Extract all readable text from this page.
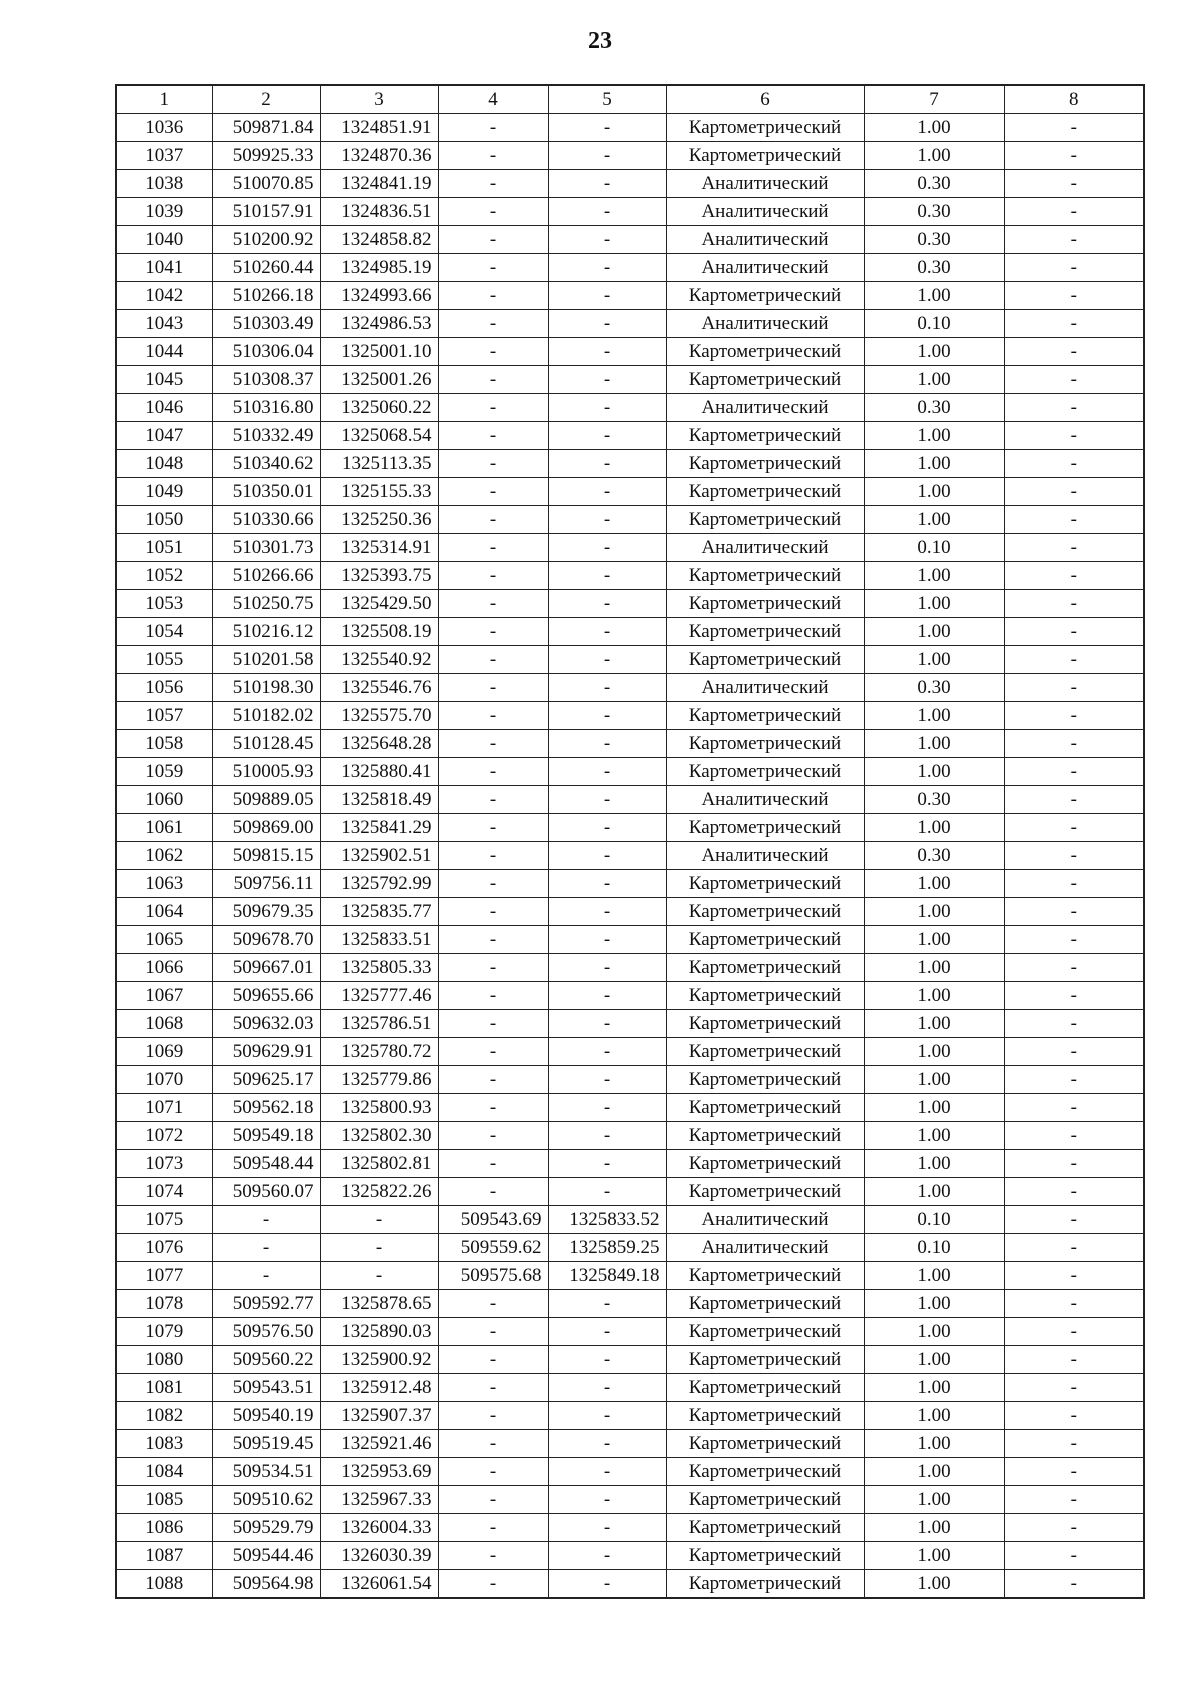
23
1	2	3	4	5	6	7	8
1036	509871.84	1324851.91	-	-	Картометрический	1.00	-
1037	509925.33	1324870.36	-	-	Картометрический	1.00	-
1038	510070.85	1324841.19	-	-	Аналитический	0.30	-
1039	510157.91	1324836.51	-	-	Аналитический	0.30	-
1040	510200.92	1324858.82	-	-	Аналитический	0.30	-
1041	510260.44	1324985.19	-	-	Аналитический	0.30	-
1042	510266.18	1324993.66	-	-	Картометрический	1.00	-
1043	510303.49	1324986.53	-	-	Аналитический	0.10	-
1044	510306.04	1325001.10	-	-	Картометрический	1.00	-
1045	510308.37	1325001.26	-	-	Картометрический	1.00	-
1046	510316.80	1325060.22	-	-	Аналитический	0.30	-
1047	510332.49	1325068.54	-	-	Картометрический	1.00	-
1048	510340.62	1325113.35	-	-	Картометрический	1.00	-
1049	510350.01	1325155.33	-	-	Картометрический	1.00	-
1050	510330.66	1325250.36	-	-	Картометрический	1.00	-
1051	510301.73	1325314.91	-	-	Аналитический	0.10	-
1052	510266.66	1325393.75	-	-	Картометрический	1.00	-
1053	510250.75	1325429.50	-	-	Картометрический	1.00	-
1054	510216.12	1325508.19	-	-	Картометрический	1.00	-
1055	510201.58	1325540.92	-	-	Картометрический	1.00	-
1056	510198.30	1325546.76	-	-	Аналитический	0.30	-
1057	510182.02	1325575.70	-	-	Картометрический	1.00	-
1058	510128.45	1325648.28	-	-	Картометрический	1.00	-
1059	510005.93	1325880.41	-	-	Картометрический	1.00	-
1060	509889.05	1325818.49	-	-	Аналитический	0.30	-
1061	509869.00	1325841.29	-	-	Картометрический	1.00	-
1062	509815.15	1325902.51	-	-	Аналитический	0.30	-
1063	509756.11	1325792.99	-	-	Картометрический	1.00	-
1064	509679.35	1325835.77	-	-	Картометрический	1.00	-
1065	509678.70	1325833.51	-	-	Картометрический	1.00	-
1066	509667.01	1325805.33	-	-	Картометрический	1.00	-
1067	509655.66	1325777.46	-	-	Картометрический	1.00	-
1068	509632.03	1325786.51	-	-	Картометрический	1.00	-
1069	509629.91	1325780.72	-	-	Картометрический	1.00	-
1070	509625.17	1325779.86	-	-	Картометрический	1.00	-
1071	509562.18	1325800.93	-	-	Картометрический	1.00	-
1072	509549.18	1325802.30	-	-	Картометрический	1.00	-
1073	509548.44	1325802.81	-	-	Картометрический	1.00	-
1074	509560.07	1325822.26	-	-	Картометрический	1.00	-
1075	-	-	509543.69	1325833.52	Аналитический	0.10	-
1076	-	-	509559.62	1325859.25	Аналитический	0.10	-
1077	-	-	509575.68	1325849.18	Картометрический	1.00	-
1078	509592.77	1325878.65	-	-	Картометрический	1.00	-
1079	509576.50	1325890.03	-	-	Картометрический	1.00	-
1080	509560.22	1325900.92	-	-	Картометрический	1.00	-
1081	509543.51	1325912.48	-	-	Картометрический	1.00	-
1082	509540.19	1325907.37	-	-	Картометрический	1.00	-
1083	509519.45	1325921.46	-	-	Картометрический	1.00	-
1084	509534.51	1325953.69	-	-	Картометрический	1.00	-
1085	509510.62	1325967.33	-	-	Картометрический	1.00	-
1086	509529.79	1326004.33	-	-	Картометрический	1.00	-
1087	509544.46	1326030.39	-	-	Картометрический	1.00	-
1088	509564.98	1326061.54	-	-	Картометрический	1.00	-
